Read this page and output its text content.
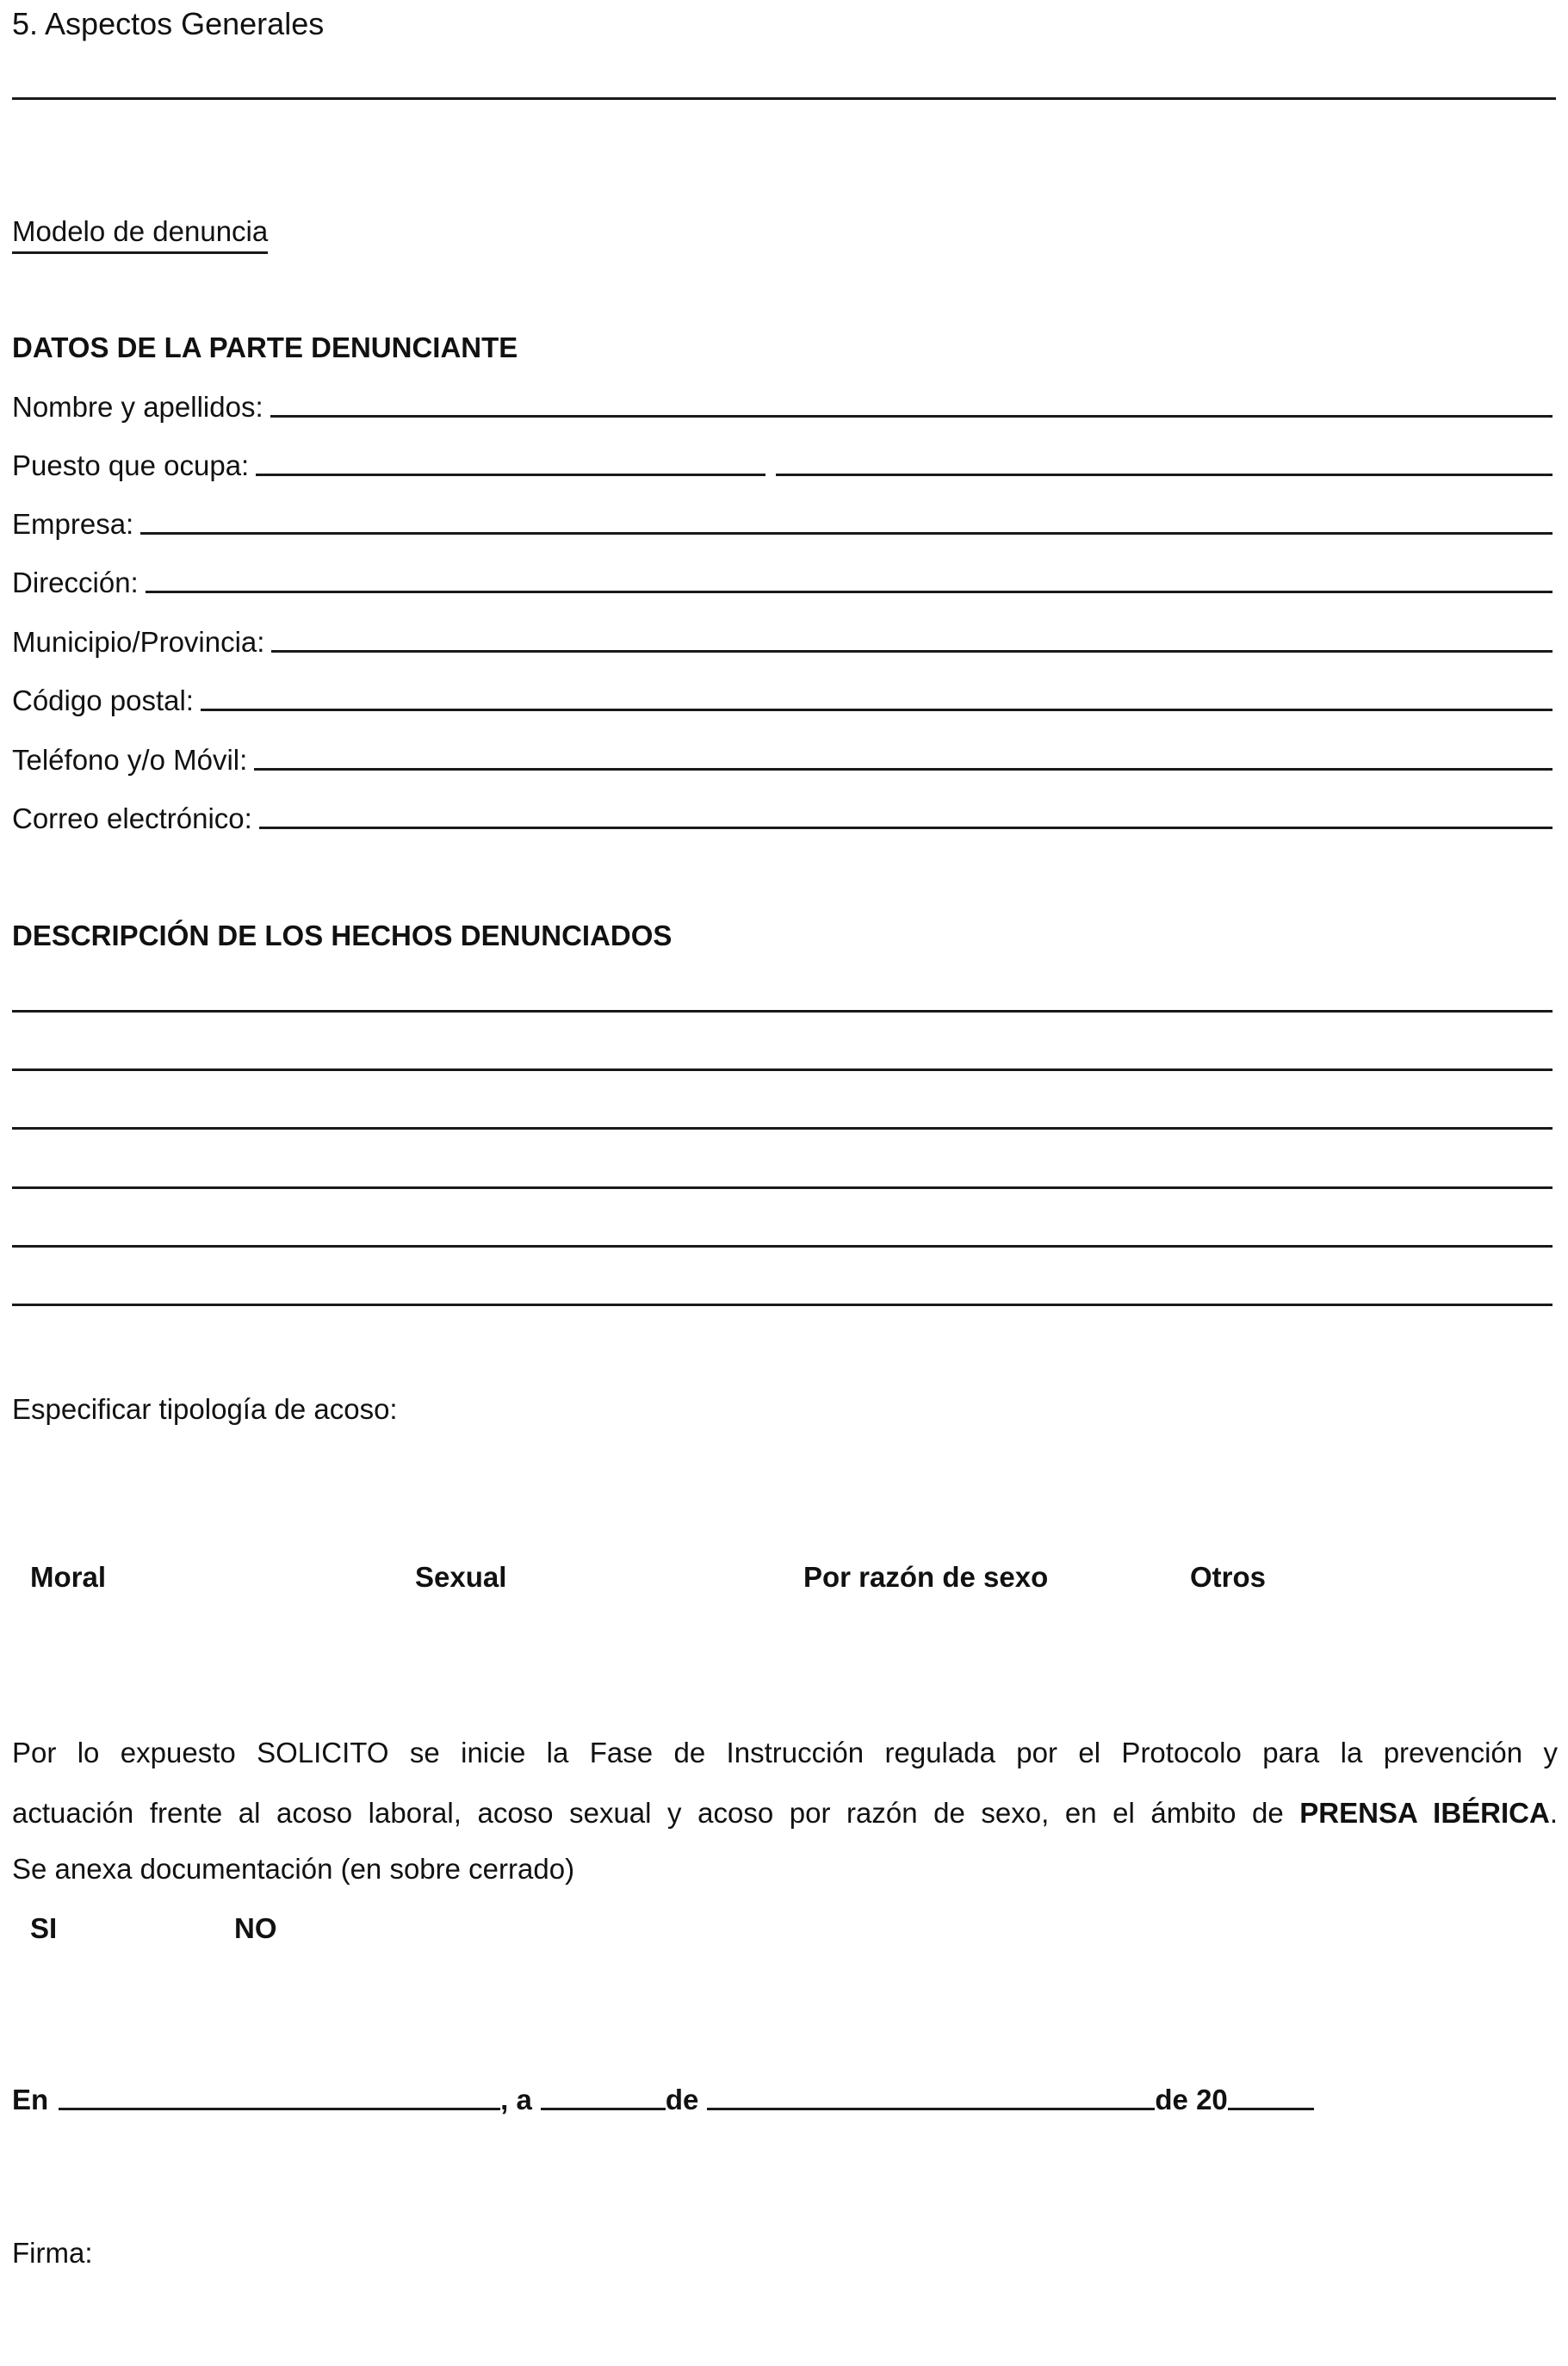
5. Aspectos Generales
Modelo de denuncia
DATOS DE LA PARTE DENUNCIANTE
Nombre y apellidos:
Puesto que ocupa:
Empresa:
Dirección:
Municipio/Provincia:
Código postal:
Teléfono y/o Móvil:
Correo electrónico:
DESCRIPCIÓN DE LOS HECHOS DENUNCIADOS
Especificar tipología de acoso:
Moral	Sexual	Por razón de sexo	Otros
Por lo expuesto SOLICITO se inicie la Fase de Instrucción regulada por el Protocolo para la prevención y
actuación frente al acoso laboral, acoso sexual y acoso por razón de sexo, en el ámbito de PRENSA IBÉRICA.
Se anexa documentación (en sobre cerrado)
SI	NO
En	, a	de	de 20
Firma:
